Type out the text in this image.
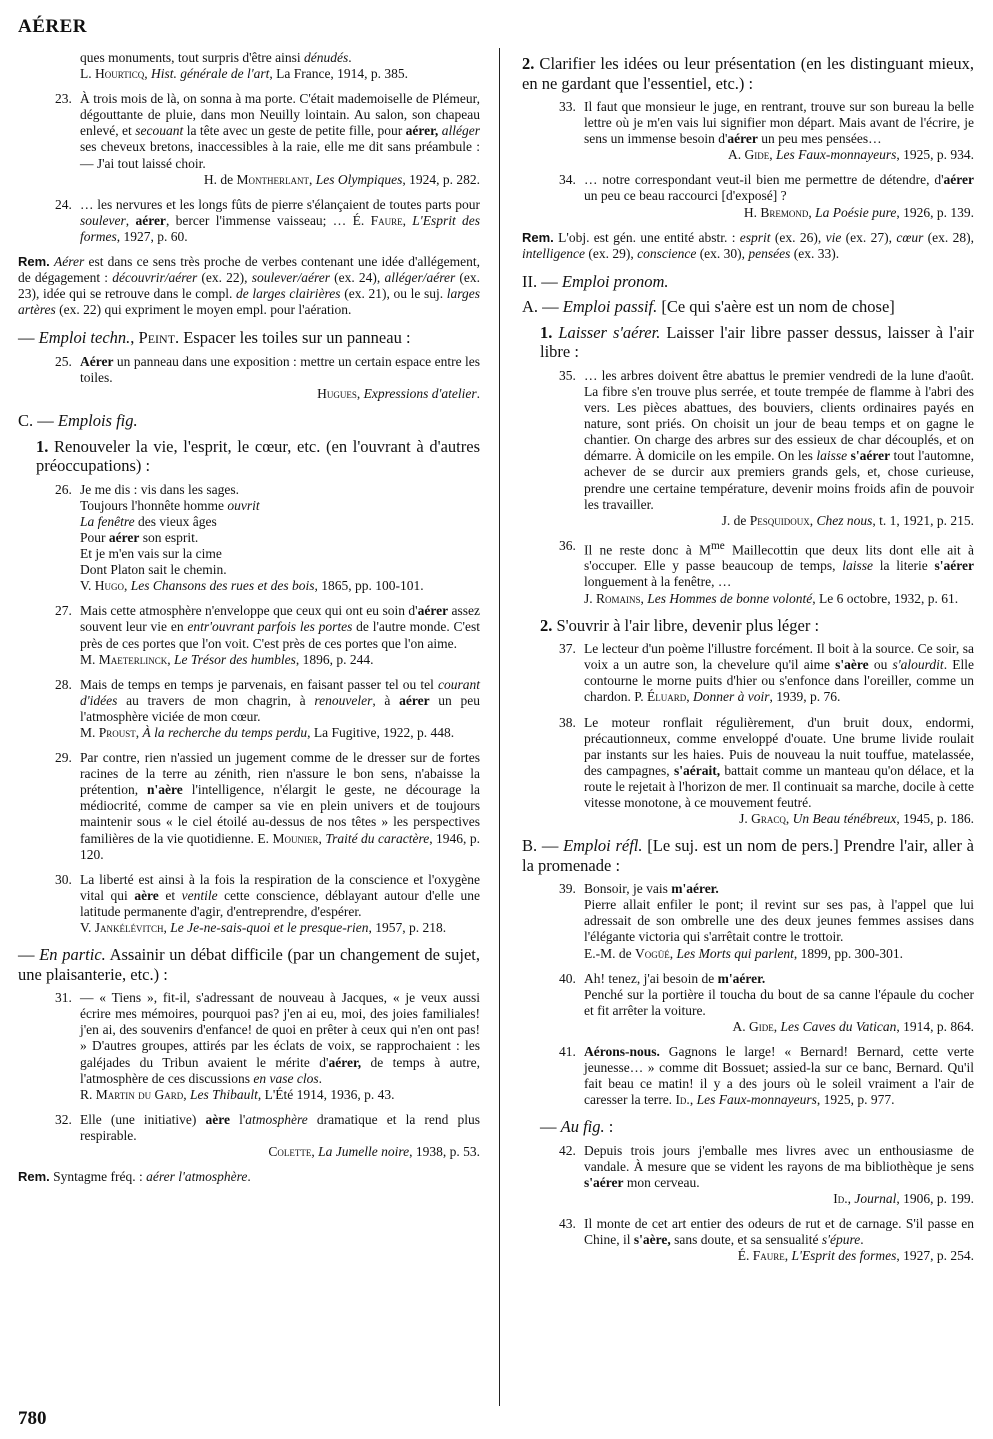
AÉRER
ques monuments, tout surpris d'être ainsi dénudés.
L. Hourticq, Hist. générale de l'art, La France, 1914, p. 385.
23. À trois mois de là, on sonna à ma porte. C'était mademoiselle de Plémeur, dégouttante de pluie, dans mon Neuilly lointain. Au salon, son chapeau enlevé, et secouant la tête avec un geste de petite fille, pour aérer, alléger ses cheveux bretons, inaccessibles à la raie, elle me dit sans préambule : — J'ai tout laissé choir.
H. de Montherlant, Les Olympiques, 1924, p. 282.
24. … les nervures et les longs fûts de pierre s'élançaient de toutes parts pour soulever, aérer, bercer l'immense vaisseau; … É. Faure, L'Esprit des formes, 1927, p. 60.

Rem. Aérer est dans ce sens très proche de verbes contenant une idée d'allégement, de dégagement : découvrir/aérer (ex. 22), soulever/aérer (ex. 24), alléger/aérer (ex. 23), idée qui se retrouve dans le compl. de larges clairières (ex. 21), ou le suj. larges artères (ex. 22) qui expriment le moyen empl. pour l'aération.

— Emploi techn., Peint. Espacer les toiles sur un panneau :

25. Aérer un panneau dans une exposition : mettre un certain espace entre les toiles.
Hugues, Expressions d'atelier.

C. — Emplois fig.

1. Renouveler la vie, l'esprit, le cœur, etc. (en l'ouvrant à d'autres préoccupations) :

26. Je me dis : vis dans les sages.
Toujours l'honnête homme ouvrit
La fenêtre des vieux âges
Pour aérer son esprit.
Et je m'en vais sur la cime
Dont Platon sait le chemin.
V. Hugo, Les Chansons des rues et des bois, 1865, pp. 100-101.
27. Mais cette atmosphère n'enveloppe que ceux qui ont eu soin d'aérer assez souvent leur vie en entr'ouvrant parfois les portes de l'autre monde. C'est près de ces portes que l'on voit. C'est près de ces portes que l'on aime.
M. Maeterlinck, Le Trésor des humbles, 1896, p. 244.
28. Mais de temps en temps je parvenais, en faisant passer tel ou tel courant d'idées au travers de mon chagrin, à renouveler, à aérer un peu l'atmosphère viciée de mon cœur.
M. Proust, À la recherche du temps perdu, La Fugitive, 1922, p. 448.
29. Par contre, rien n'assied un jugement comme de le dresser sur de fortes racines de la terre au zénith, rien n'assure le bon sens, n'abaisse la prétention, n'aère l'intelligence, n'élargit le geste, ne décourage la médiocrité, comme de camper sa vie en plein univers et de toujours maintenir sous « le ciel étoilé au-dessus de nos têtes » les perspectives familières de la vie quotidienne. E. Mounier, Traité du caractère, 1946, p. 120.
30. La liberté est ainsi à la fois la respiration de la conscience et l'oxygène vital qui aère et ventile cette conscience, déblayant autour d'elle une latitude permanente d'agir, d'entreprendre, d'espérer.
V. Jankélévitch, Le Je-ne-sais-quoi et le presque-rien, 1957, p. 218.

— En partic. Assainir un débat difficile (par un changement de sujet, une plaisanterie, etc.) :

31. — « Tiens », fit-il, s'adressant de nouveau à Jacques, « je veux aussi écrire mes mémoires, pourquoi pas? j'en ai eu, moi, des joies familiales! j'en ai, des souvenirs d'enfance! de quoi en prêter à ceux qui n'en ont pas! » D'autres groupes, attirés par les éclats de voix, se rapprochaient : les galéjades du Tribun avaient le mérite d'aérer, de temps à autre, l'atmosphère de ces discussions en vase clos.
R. Martin du Gard, Les Thibault, L'Été 1914, 1936, p. 43.
32. Elle (une initiative) aère l'atmosphère dramatique et la rend plus respirable.
Colette, La Jumelle noire, 1938, p. 53.

Rem. Syntagme fréq. : aérer l'atmosphère.

2. Clarifier les idées ou leur présentation (en les distinguant mieux, en ne gardant que l'essentiel, etc.) :

33. Il faut que monsieur le juge, en rentrant, trouve sur son bureau la belle lettre où je m'en vais lui signifier mon départ. Mais avant de l'écrire, je sens un immense besoin d'aérer un peu mes pensées…
A. Gide, Les Faux-monnayeurs, 1925, p. 934.
34. … notre correspondant veut-il bien me permettre de détendre, d'aérer un peu ce beau raccourci [d'exposé] ?
H. Bremond, La Poésie pure, 1926, p. 139.

Rem. L'obj. est gén. une entité abstr. : esprit (ex. 26), vie (ex. 27), cœur (ex. 28), intelligence (ex. 29), conscience (ex. 30), pensées (ex. 33).

II. — Emploi pronom.

A. — Emploi passif. [Ce qui s'aère est un nom de chose]

1. Laisser s'aérer. Laisser l'air libre passer dessus, laisser à l'air libre :

35. … les arbres doivent être abattus le premier vendredi de la lune d'août. La fibre s'en trouve plus serrée, et toute trempée de flamme à l'abri des vers. Les pièces abattues, des bouviers, clients ordinaires payés en nature, sont priés. On choisit un jour de beau temps et on gagne le chantier. On charge des arbres sur des essieux de char découplés, et on démarre. À domicile on les empile. On les laisse s'aérer tout l'automne, achever de se durcir aux premiers grands gels, et, chose curieuse, prendre une certaine température, devenir moins froids afin de pouvoir les travailler.
J. de Pesquidoux, Chez nous, t. 1, 1921, p. 215.
36. Il ne reste donc à $M^{me}$ Maillecottin que deux lits dont elle ait à s'occuper. Elle y passe beaucoup de temps, laisse la literie s'aérer longuement à la fenêtre, …
J. Romains, Les Hommes de bonne volonté, Le 6 octobre, 1932, p. 61.

2. S'ouvrir à l'air libre, devenir plus léger :

37. Le lecteur d'un poème l'illustre forcément. Il boit à la source. Ce soir, sa voix a un autre son, la chevelure qu'il aime s'aère ou s'alourdit. Elle contourne le morne puits d'hier ou s'enfonce dans l'oreiller, comme un chardon. P. Éluard, Donner à voir, 1939, p. 76.
38. Le moteur ronflait régulièrement, d'un bruit doux, endormi, précautionneux, comme enveloppé d'ouate. Une brume livide roulait par instants sur les haies. Puis de nouveau la nuit touffue, matelassée, des campagnes, s'aérait, battait comme un manteau qu'on délace, et la route le rejetait à l'horizon de mer. Il continuait sa marche, docile à cette vitesse monotone, à ce mouvement feutré.
J. Gracq, Un Beau ténébreux, 1945, p. 186.

B. — Emploi réfl. [Le suj. est un nom de pers.] Prendre l'air, aller à la promenade :

39. Bonsoir, je vais m'aérer.

Pierre allait enfiler le pont; il revint sur ses pas, à l'appel que lui adressait de son ombrelle une des deux jeunes femmes assises dans l'élégante victoria qui s'arrêtait contre le trottoir.

E.-M. de Vogüé, Les Morts qui parlent, 1899, pp. 300-301.
40. Ah! tenez, j'ai besoin de m'aérer.

Penché sur la portière il toucha du bout de sa canne l'épaule du cocher et fit arrêter la voiture.

A. Gide, Les Caves du Vatican, 1914, p. 864.
41. Aérons-nous. Gagnons le large! « Bernard! Bernard, cette verte jeunesse… » comme dit Bossuet; assied-la sur ce banc, Bernard. Qu'il fait beau ce matin! il y a des jours où le soleil vraiment a l'air de caresser la terre. Id., Les Faux-monnayeurs, 1925, p. 977.

— Au fig. :

42. Depuis trois jours j'emballe mes livres avec un enthousiasme de vandale. À mesure que se vident les rayons de ma bibliothèque je sens s'aérer mon cerveau.
Id., Journal, 1906, p. 199.
43. Il monte de cet art entier des odeurs de rut et de carnage. S'il passe en Chine, il s'aère, sans doute, et sa sensualité s'épure.
É. Faure, L'Esprit des formes, 1927, p. 254.
780
